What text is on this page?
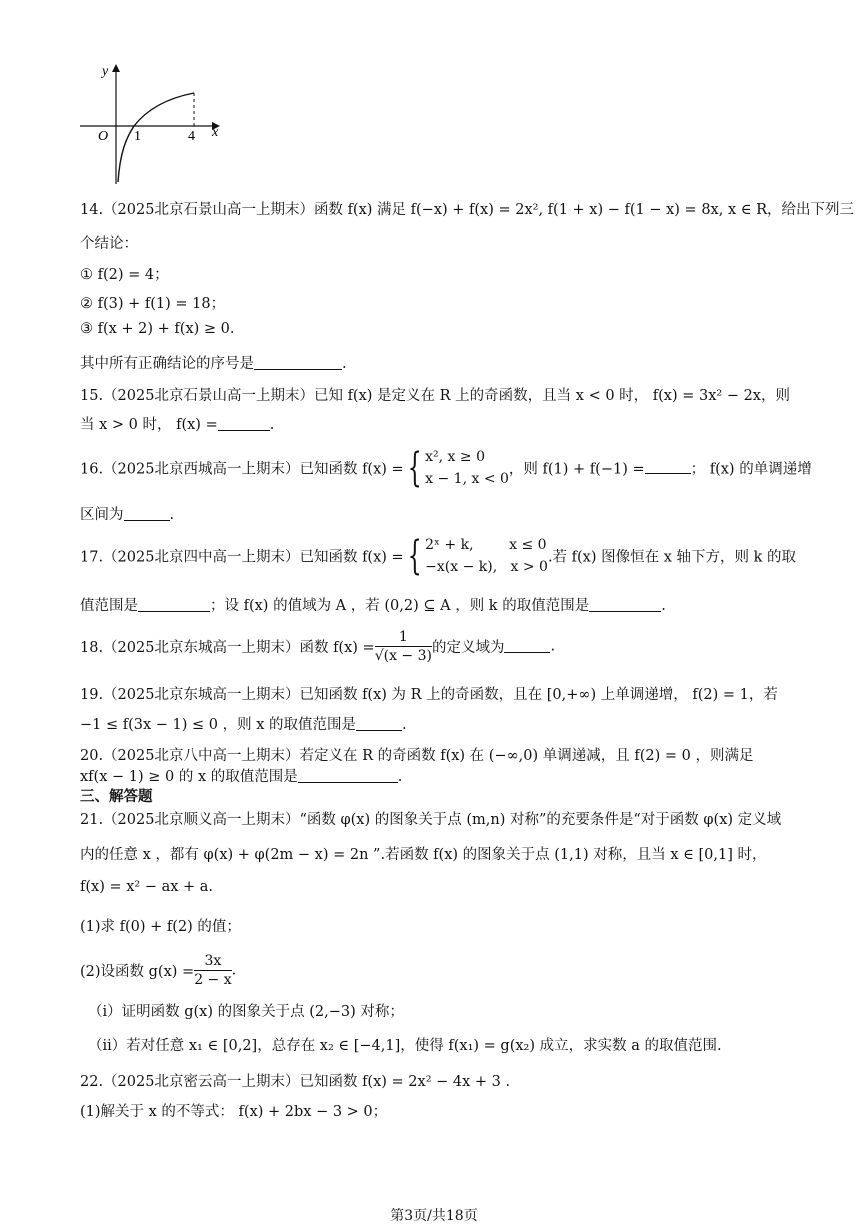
y
x
O 1	4
14.（2025北京石景山高一上期末）函数 f(x) 满足 f(−x) + f(x) = 2x², f(1 + x) − f(1 − x) = 8x, x ∈ R，给出下列三
个结论：
① f(2) = 4；
② f(3) + f(1) = 18；
③ f(x + 2) + f(x) ≥ 0.
其中所有正确结论的序号是	.
15.（2025北京石景山高一上期末）已知 f(x) 是定义在 R 上的奇函数，且当 x < 0 时， f(x) = 3x² − 2x，则
当 x > 0 时， f(x) =	.
16.（2025北京西城高一上期末）已知函数 f(x) ={ x², x ≥ 0
x − 1, x < 0
，则 f(1) + f(−1) =	； f(x) 的单调递增
区间为	.
17.（2025北京四中高一上期末）已知函数 f(x) ={ 2ˣ + k,        x ≤ 0
−x(x − k),   x > 0
.若 f(x) 图像恒在 x 轴下方，则 k 的取
值范围是	；设 f(x) 的值域为 A ，若 (0,2) ⊆ A ，则 k 的取值范围是	.
18.（2025北京东城高一上期末）函数 $f(x) = \frac{1}{√(x - 3)}$ 的定义域为	.
19.（2025北京东城高一上期末）已知函数 f(x) 为 R 上的奇函数，且在 [0,+∞) 上单调递增， f(2) = 1，若
−1 ≤ f(3x − 1) ≤ 0 ，则 x 的取值范围是	.
20.（2025北京八中高一上期末）若定义在 R 的奇函数 f(x) 在 (−∞,0) 单调递减，且 f(2) = 0 ，则满足
xf(x − 1) ≥ 0 的 x 的取值范围是	.
三、解答题
21.（2025北京顺义高一上期末）“函数 φ(x) 的图象关于点 (m,n) 对称”的充要条件是“对于函数 φ(x) 定义域
内的任意 x ，都有 φ(x) + φ(2m − x) = 2n ”.若函数 f(x) 的图象关于点 (1,1) 对称，且当 x ∈ [0,1] 时，
f(x) = x² − ax + a.
(1)求 f(0) + f(2) 的值；
(2)设函数 $g(x) = \frac{3x}{2 - x}$ .
（i）证明函数 g(x) 的图象关于点 (2,−3) 对称；
（ii）若对任意 x₁ ∈ [0,2]，总存在 x₂ ∈ [−4,1]，使得 f(x₁) = g(x₂) 成立，求实数 a 的取值范围.
22.（2025北京密云高一上期末）已知函数 f(x) = 2x² − 4x + 3 .
(1)解关于 x 的不等式： f(x) + 2bx − 3 > 0；
第3页/共18页
